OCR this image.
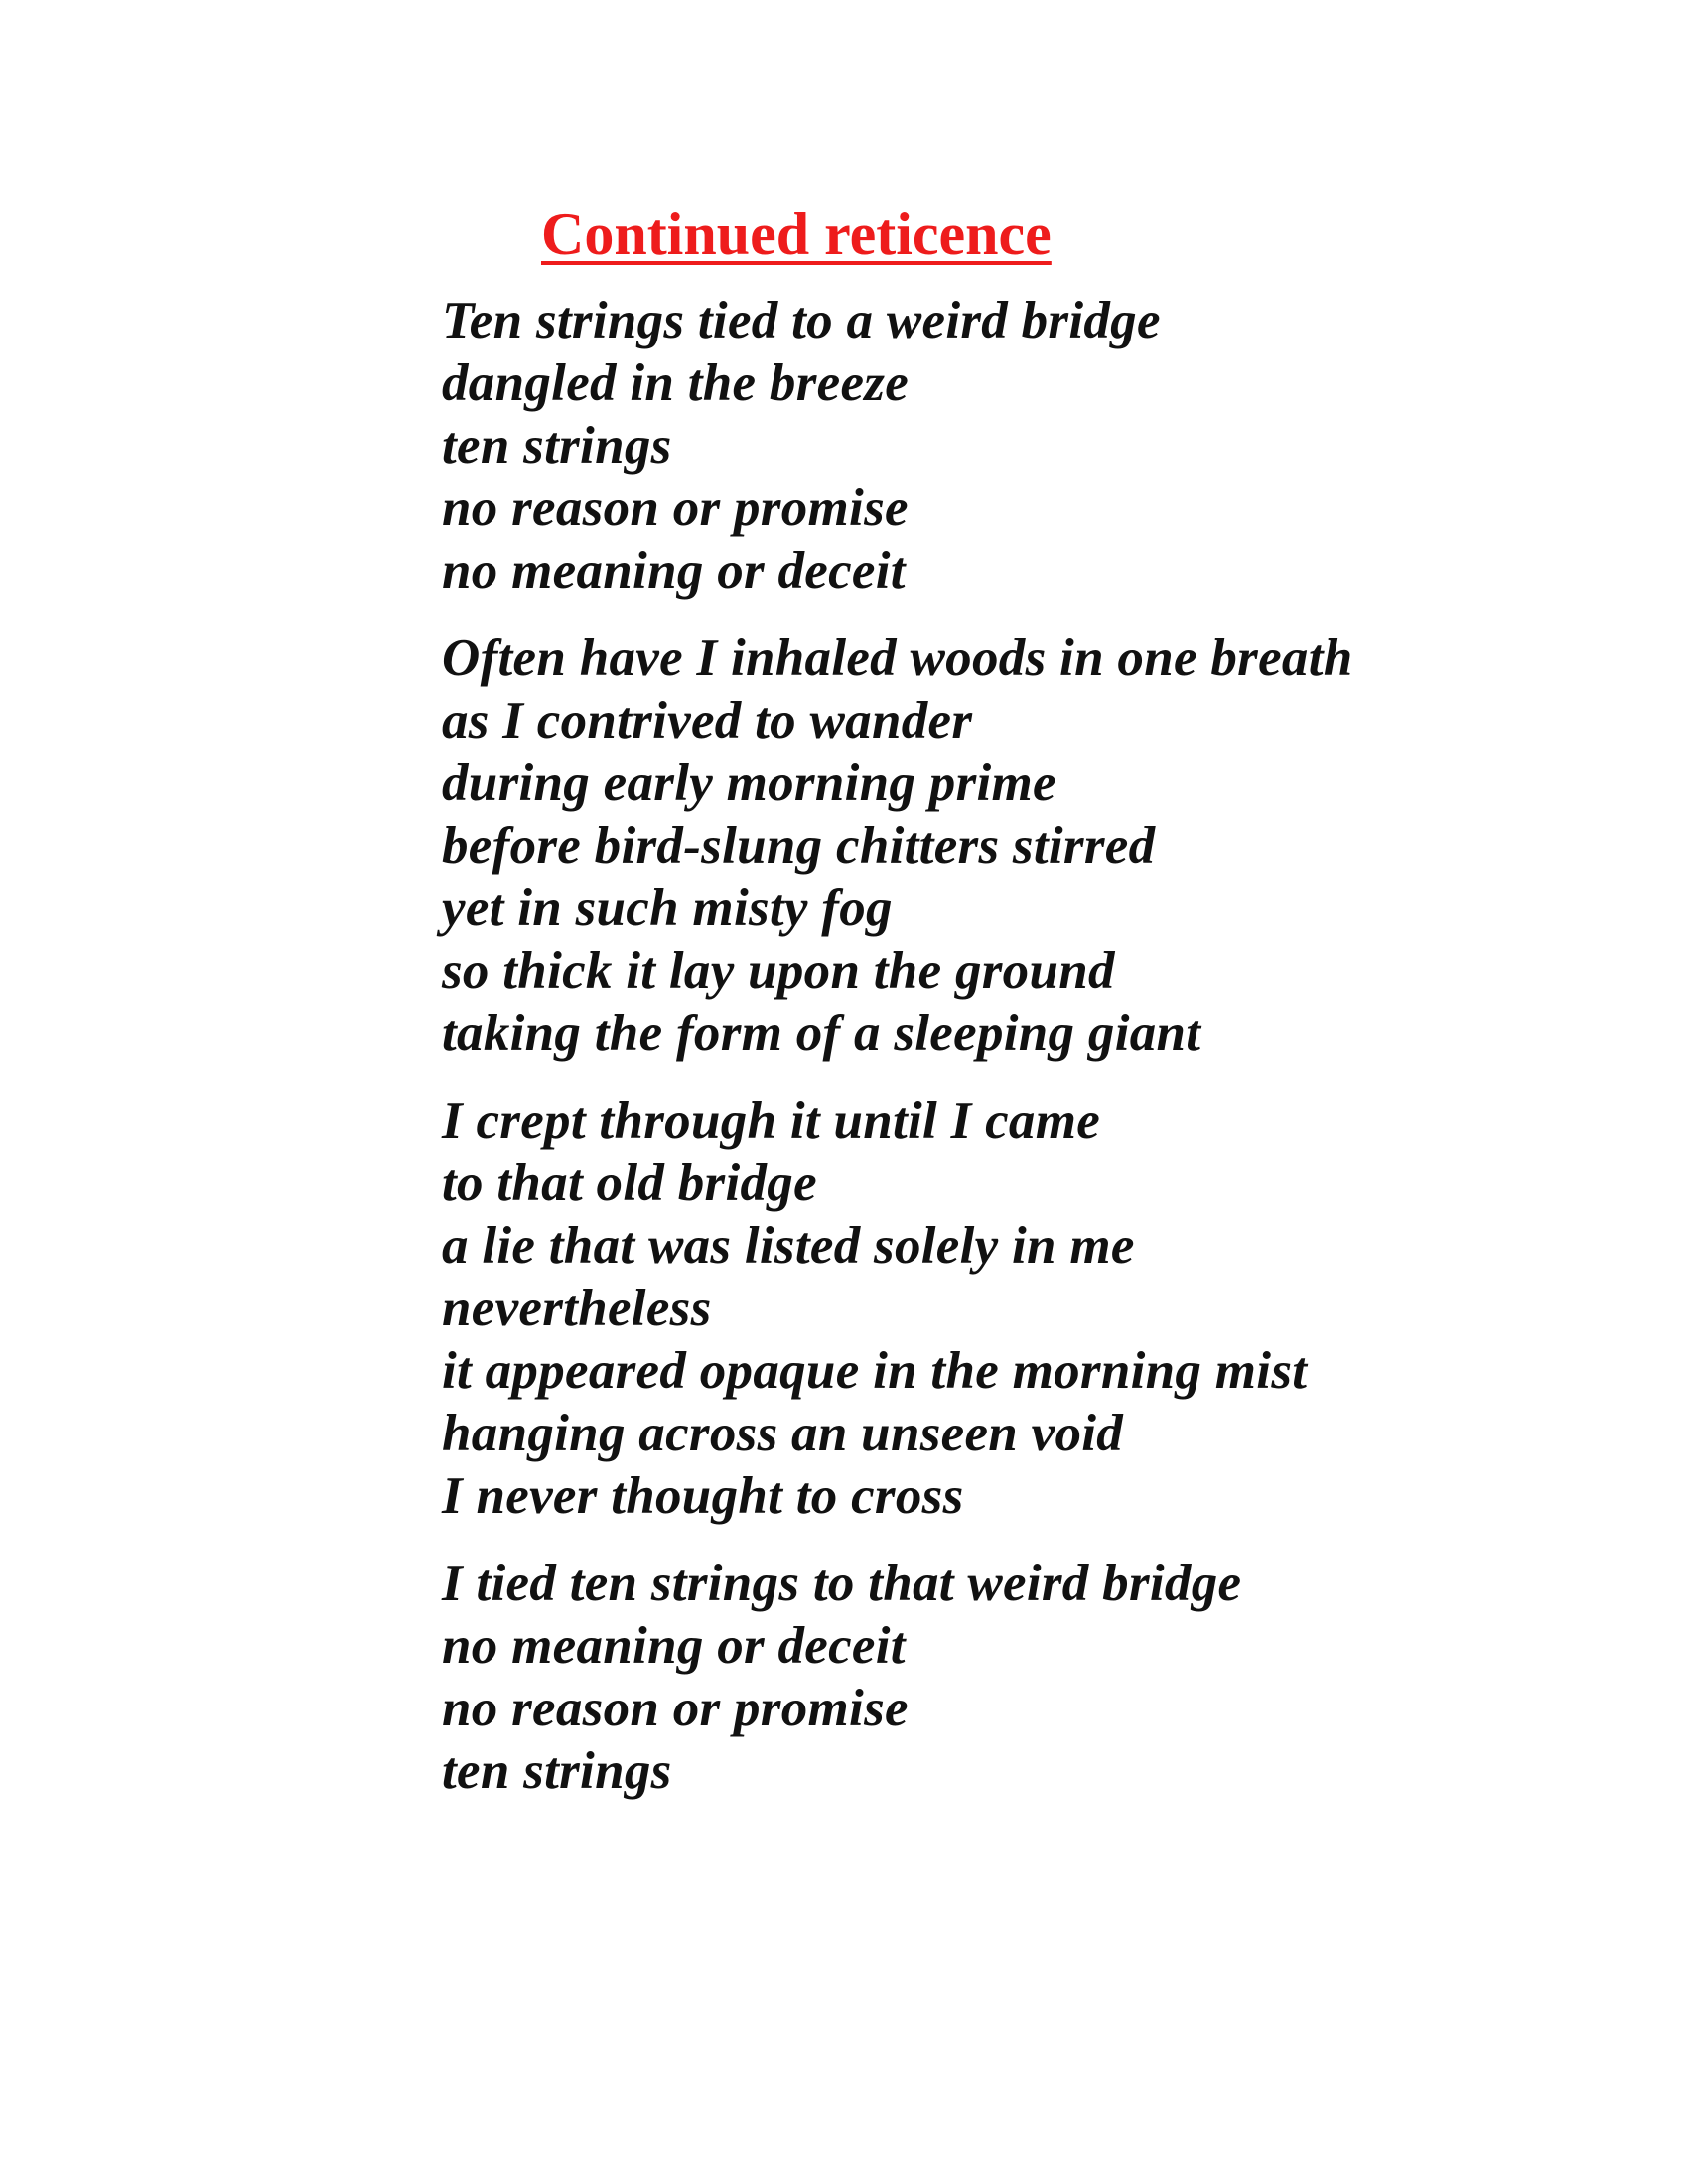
Continued reticence
Ten strings tied to a weird bridge
dangled in the breeze
ten strings
no reason or promise
no meaning or deceit
Often have I inhaled woods in one breath
as I contrived to wander
during early morning prime
before bird-slung chitters stirred
yet in such misty fog
so thick it lay upon the ground
taking the form of a sleeping giant
I crept through it until I came
to that old bridge
a lie that was listed solely in me
nevertheless
it appeared opaque in the morning mist
hanging across an unseen void
I never thought to cross
I tied ten strings to that weird bridge
no meaning or deceit
no reason or promise
ten strings
